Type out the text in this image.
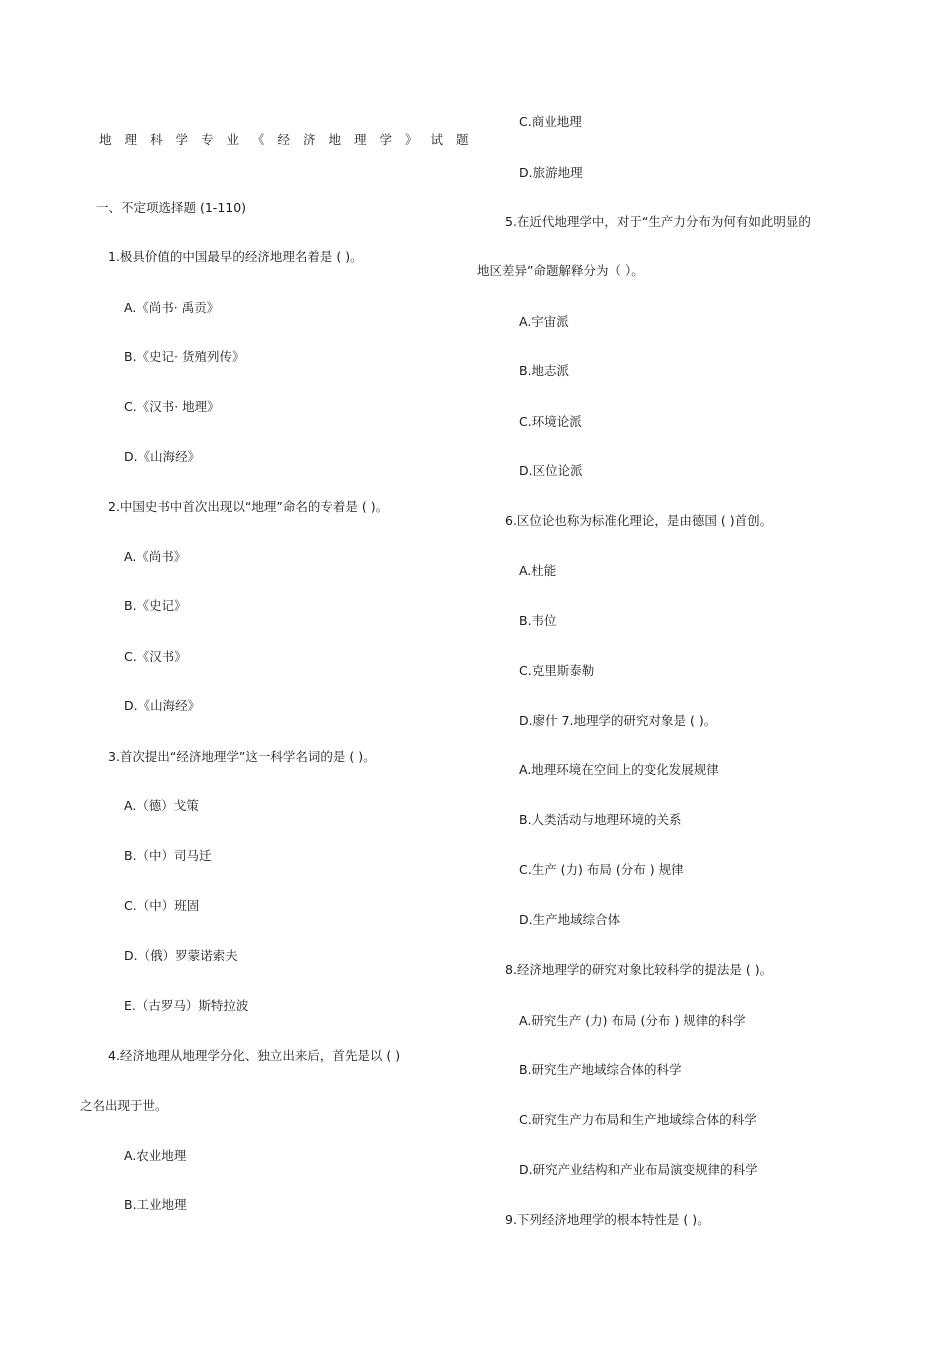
地理科学专业《经济地理学》试题
一、不定项选择题 (1-110)
1.极具价值的中国最早的经济地理名着是 ( )。
A.《尚书· 禹贡》
B.《史记· 货殖列传》
C.《汉书· 地理》
D.《山海经》
2.中国史书中首次出现以“地理”命名的专着是 ( )。
A.《尚书》
B.《史记》
C.《汉书》
D.《山海经》
3.首次提出“经济地理学”这一科学名词的是 ( )。
A.（德）戈策
B.（中）司马迁
C.（中）班固
D.（俄）罗蒙诺索夫
E.（古罗马）斯特拉波
4.经济地理从地理学分化、独立出来后，首先是以 ( )
之名出现于世。
A.农业地理
B.工业地理
C.商业地理
D.旅游地理
5.在近代地理学中，对于“生产力分布为何有如此明显的
地区差异”命题解释分为（ ）。
A.宇宙派
B.地志派
C.环境论派
D.区位论派
6.区位论也称为标准化理论，是由德国 ( )首创。
A.杜能
B.韦位
C.克里斯泰勒
D.廖什 7.地理学的研究对象是 ( )。
A.地理环境在空间上的变化发展规律
B.人类活动与地理环境的关系
C.生产 (力) 布局 (分布 ) 规律
D.生产地域综合体
8.经济地理学的研究对象比较科学的提法是 ( )。
A.研究生产 (力) 布局 (分布 ) 规律的科学
B.研究生产地域综合体的科学
C.研究生产力布局和生产地域综合体的科学
D.研究产业结构和产业布局演变规律的科学
9.下列经济地理学的根本特性是 ( )。
